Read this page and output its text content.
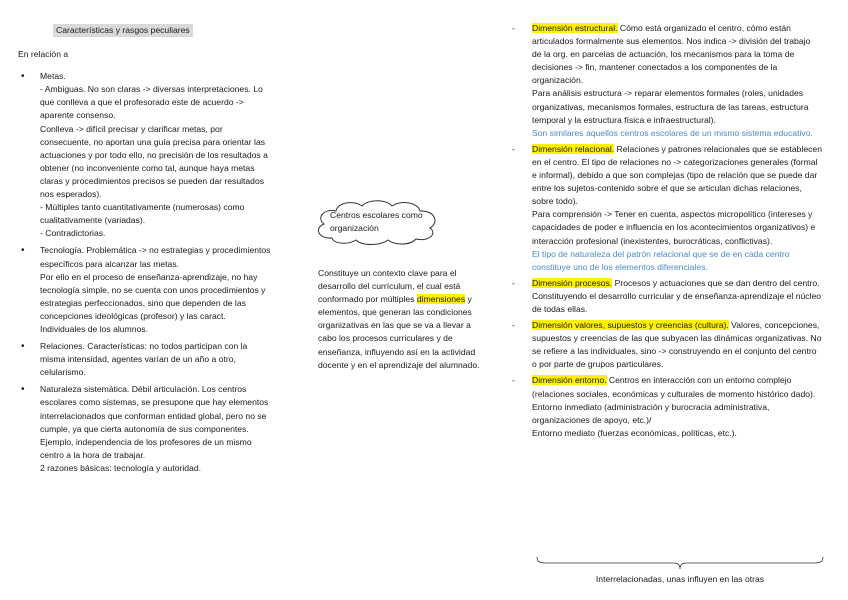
Características y rasgos peculiares
En relación a

• Metas.

- Ambiguas. No son claras -> diversas interpretaciones. Lo que conlleva a que el profesorado este de acuerdo -> aparente consenso.

Conlleva -> difícil precisar y clarificar metas, por consecuente, no aportan una guía precisa para orientar las actuaciones y por todo ello, no precisión de los resultados a obtener (no inconveniente como tal, aunque haya metas claras y procedimientos precisos se pueden dar resultados nos esperados).

- Múltiples tanto cuantitativamente (numerosas) como cualitativamente (variadas).

- Contradictorias.

• Tecnología. Problemática -> no estrategias y procedimientos específicos para alcanzar las metas.

Por ello en el proceso de enseñanza-aprendizaje, no hay tecnología simple, no se cuenta con unos procedimientos y estrategias perfeccionados, sino que dependen de las concepciones ideológicas (profesor) y las caract. Individuales de los alumnos.

• Relaciones. Características: no todos participan con la misma intensidad, agentes varían de un año a otro, celularismo.

• Naturaleza sistemática. Débil articulación. Los centros escolares como sistemas, se presupone que hay elementos interrelacionados que conforman entidad global, pero no se cumple, ya que cierta autonomía de sus componentes. Ejemplo, independencia de los profesores de un mismo centro a la hora de trabajar.

2 razones básicas: tecnología y autoridad.

Centros escolares como organización
Constituye un contexto clave para el desarrollo del currículum, el cual está conformado por múltiples dimensiones y elementos, que generan las condiciones organizativas en las que se va a llevar a cabo los procesos curriculares y de enseñanza, influyendo así en la actividad docente y en el aprendizaje del alumnado.

- Dimensión estructural. Cómo está organizado el centro, cómo están articulados formalmente sus elementos. Nos indica -> división del trabajo de la org. en parcelas de actuación, los mecanismos para la toma de decisiones -> fin, mantener conectados a los componentes de la organización.

Para análisis estructura -> reparar elementos formales (roles, unidades organizativas, mecanismos formales, estructura de las tareas, estructura temporal y la estructura física e infraestructural).

Son similares aquellos centros escolares de un mismo sistema educativo.

- Dimensión relacional. Relaciones y patrones relacionales que se establecen en el centro. El tipo de relaciones no -> categorizaciones generales (formal e informal), debido a que son complejas (tipo de relación que se puede dar entre los sujetos-contenido sobre el que se articulan dichas relaciones, sobre todo).

Para comprensión -> Tener en cuenta, aspectos micropolítico (intereses y capacidades de poder e influencia en los acontecimientos organizativos) e interacción profesional (inexistentes, burocráticas, conflictivas).

El tipo de naturaleza del patrón relacional que se de en cada centro constituye uno de los elementos diferenciales.

- Dimensión procesos. Procesos y actuaciones que se dan dentro del centro. Constituyendo el desarrollo curricular y de enseñanza-aprendizaje el núcleo de todas ellas.

- Dimensión valores, supuestos y creencias (cultura). Valores, concepciones, supuestos y creencias de las que subyacen las dinámicas organizativas. No se refiere a las individuales, sino -> construyendo en el conjunto del centro o por parte de grupos particulares.

- Dimensión entorno. Centros en interacción con un entorno complejo (relaciones sociales, económicas y culturales de momento histórico dado).

Entorno inmediato (administración y burocracia administrativa, organizaciones de apoyo, etc.)/

Entorno mediato (fuerzas económicas, políticas, etc.).

Interrelacionadas, unas influyen en las otras
